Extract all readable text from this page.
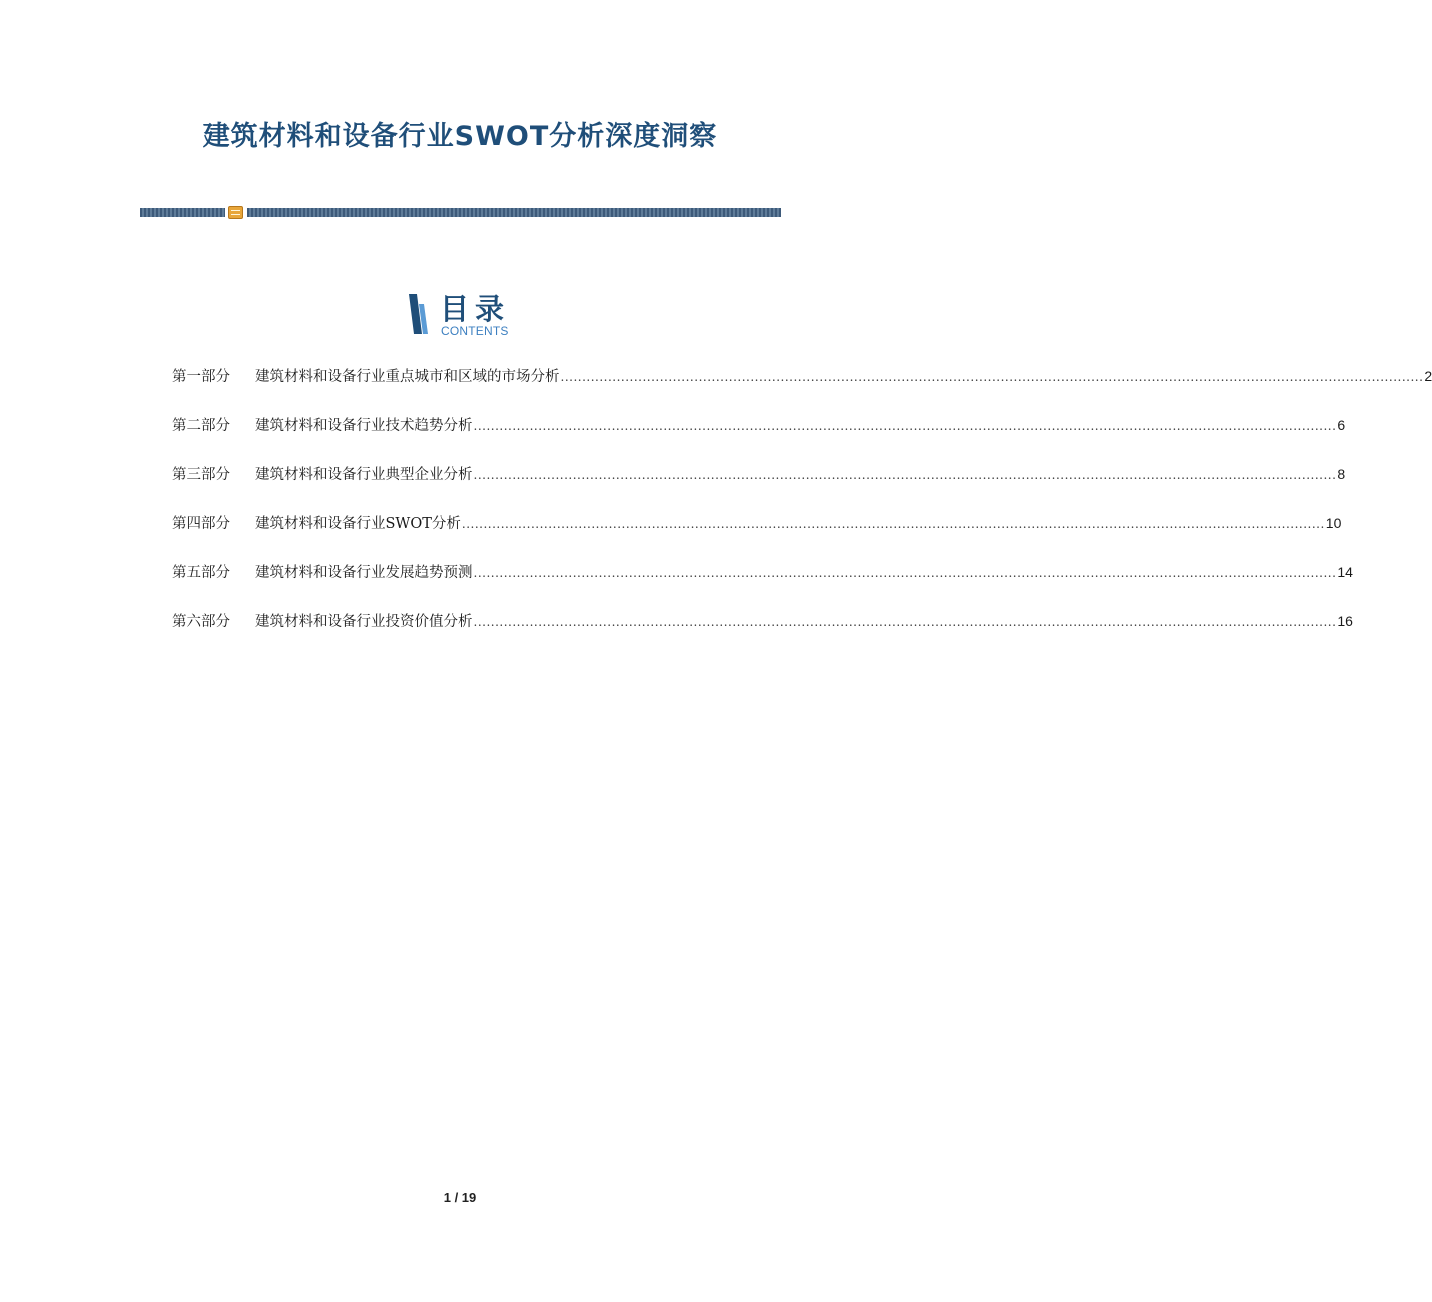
建筑材料和设备行业SWOT分析深度洞察
目录
CONTENTS
第一部分	建筑材料和设备行业重点城市和区域的市场分析 ........................................................................................................................................................................................................ 2
第二部分	建筑材料和设备行业技术趋势分析 ........................................................................................................................................................................................................ 6
第三部分	建筑材料和设备行业典型企业分析 ........................................................................................................................................................................................................ 8
第四部分	建筑材料和设备行业SWOT分析 ........................................................................................................................................................................................................ 10
第五部分	建筑材料和设备行业发展趋势预测 ........................................................................................................................................................................................................ 14
第六部分	建筑材料和设备行业投资价值分析 ........................................................................................................................................................................................................ 16
1 / 19
